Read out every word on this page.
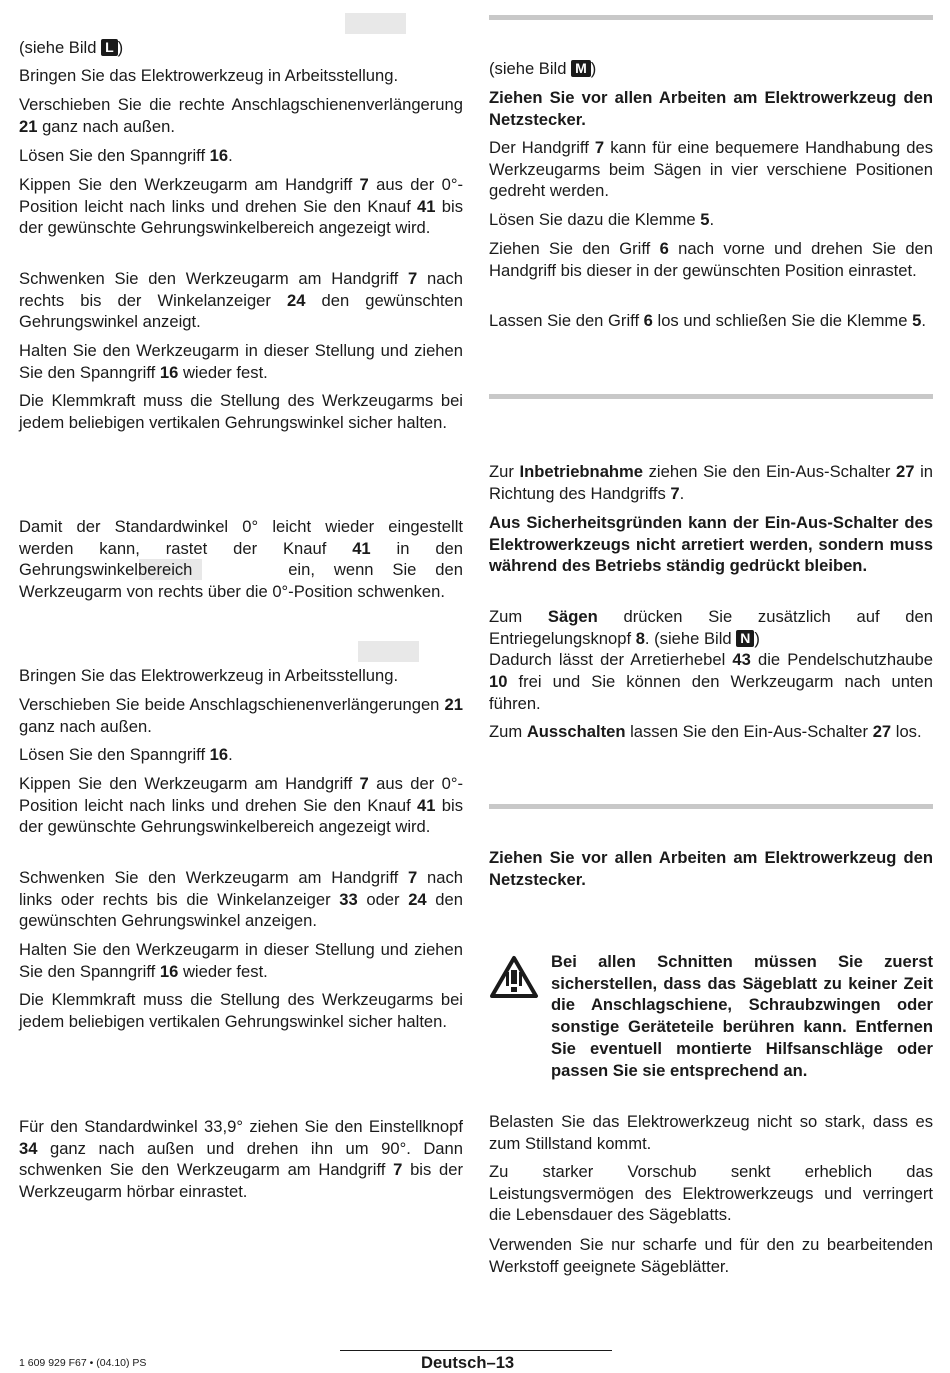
(siehe Bild L )

Bringen Sie das Elektrowerkzeug in Arbeitsstellung.

Verschieben Sie die rechte Anschlagschienenverlängerung 21 ganz nach außen.

Lösen Sie den Spanngriff 16.

Kippen Sie den Werkzeugarm am Handgriff 7 aus der 0°-Position leicht nach links und drehen Sie den Knauf 41 bis der gewünschte Gehrungswinkelbereich angezeigt wird.

Schwenken Sie den Werkzeugarm am Handgriff 7 nach rechts bis der Winkelanzeiger 24 den gewünschten Gehrungswinkel anzeigt.

Halten Sie den Werkzeugarm in dieser Stellung und ziehen Sie den Spanngriff 16 wieder fest.

Die Klemmkraft muss die Stellung des Werkzeugarms bei jedem beliebigen vertikalen Gehrungswinkel sicher halten.

Damit der Standardwinkel 0° leicht wieder eingestellt werden kann, rastet der Knauf 41 in den Gehrungswinkelbereich	ein, wenn Sie den Werkzeugarm von rechts über die 0°-Position schwenken.

Bringen Sie das Elektrowerkzeug in Arbeitsstellung.

Verschieben Sie beide Anschlagschienenverlängerungen 21 ganz nach außen.

Lösen Sie den Spanngriff 16.

Kippen Sie den Werkzeugarm am Handgriff 7 aus der 0°-Position leicht nach links und drehen Sie den Knauf 41 bis der gewünschte Gehrungswinkelbereich angezeigt wird.

Schwenken Sie den Werkzeugarm am Handgriff 7 nach links oder rechts bis die Winkelanzeiger 33 oder 24 den gewünschten Gehrungswinkel anzeigen.

Halten Sie den Werkzeugarm in dieser Stellung und ziehen Sie den Spanngriff 16 wieder fest.

Die Klemmkraft muss die Stellung des Werkzeugarms bei jedem beliebigen vertikalen Gehrungswinkel sicher halten.

Für den Standardwinkel 33,9° ziehen Sie den Einstellknopf 34 ganz nach außen und drehen ihn um 90°. Dann schwenken Sie den Werkzeugarm am Handgriff 7 bis der Werkzeugarm hörbar einrastet.

(siehe Bild M )

Ziehen Sie vor allen Arbeiten am Elektrowerkzeug den Netzstecker.

Der Handgriff 7 kann für eine bequemere Handhabung des Werkzeugarms beim Sägen in vier verschiene Positionen gedreht werden.

Lösen Sie dazu die Klemme 5.

Ziehen Sie den Griff 6 nach vorne und drehen Sie den Handgriff bis dieser in der gewünschten Position einrastet.

Lassen Sie den Griff 6 los und schließen Sie die Klemme 5.

Zur Inbetriebnahme ziehen Sie den Ein-Aus-Schalter 27 in Richtung des Handgriffs 7.

Aus Sicherheitsgründen kann der Ein-Aus-Schalter des Elektrowerkzeugs nicht arretiert werden, sondern muss während des Betriebs ständig gedrückt bleiben.

Zum Sägen drücken Sie zusätzlich auf den Entriegelungsknopf 8. (siehe Bild N )
Dadurch lässt der Arretierhebel 43 die Pendelschutzhaube 10 frei und Sie können den Werkzeugarm nach unten führen.

Zum Ausschalten lassen Sie den Ein-Aus-Schalter 27 los.

Ziehen Sie vor allen Arbeiten am Elektrowerkzeug den Netzstecker.

Belasten Sie das Elektrowerkzeug nicht so stark, dass es zum Stillstand kommt.

Zu starker Vorschub senkt erheblich das Leistungsvermögen des Elektrowerkzeugs und verringert die Lebensdauer des Sägeblatts.

Verwenden Sie nur scharfe und für den zu bearbeitenden Werkstoff geeignete Sägeblätter.

Bei allen Schnitten müssen Sie zuerst sicherstellen, dass das Sägeblatt zu keiner Zeit die Anschlagschiene, Schraubzwingen oder sonstige Geräteteile berühren kann. Entfernen Sie eventuell montierte Hilfsanschläge oder passen Sie sie entsprechend an.

1 609 929 F67 • (04.10) PS	Deutsch–13
